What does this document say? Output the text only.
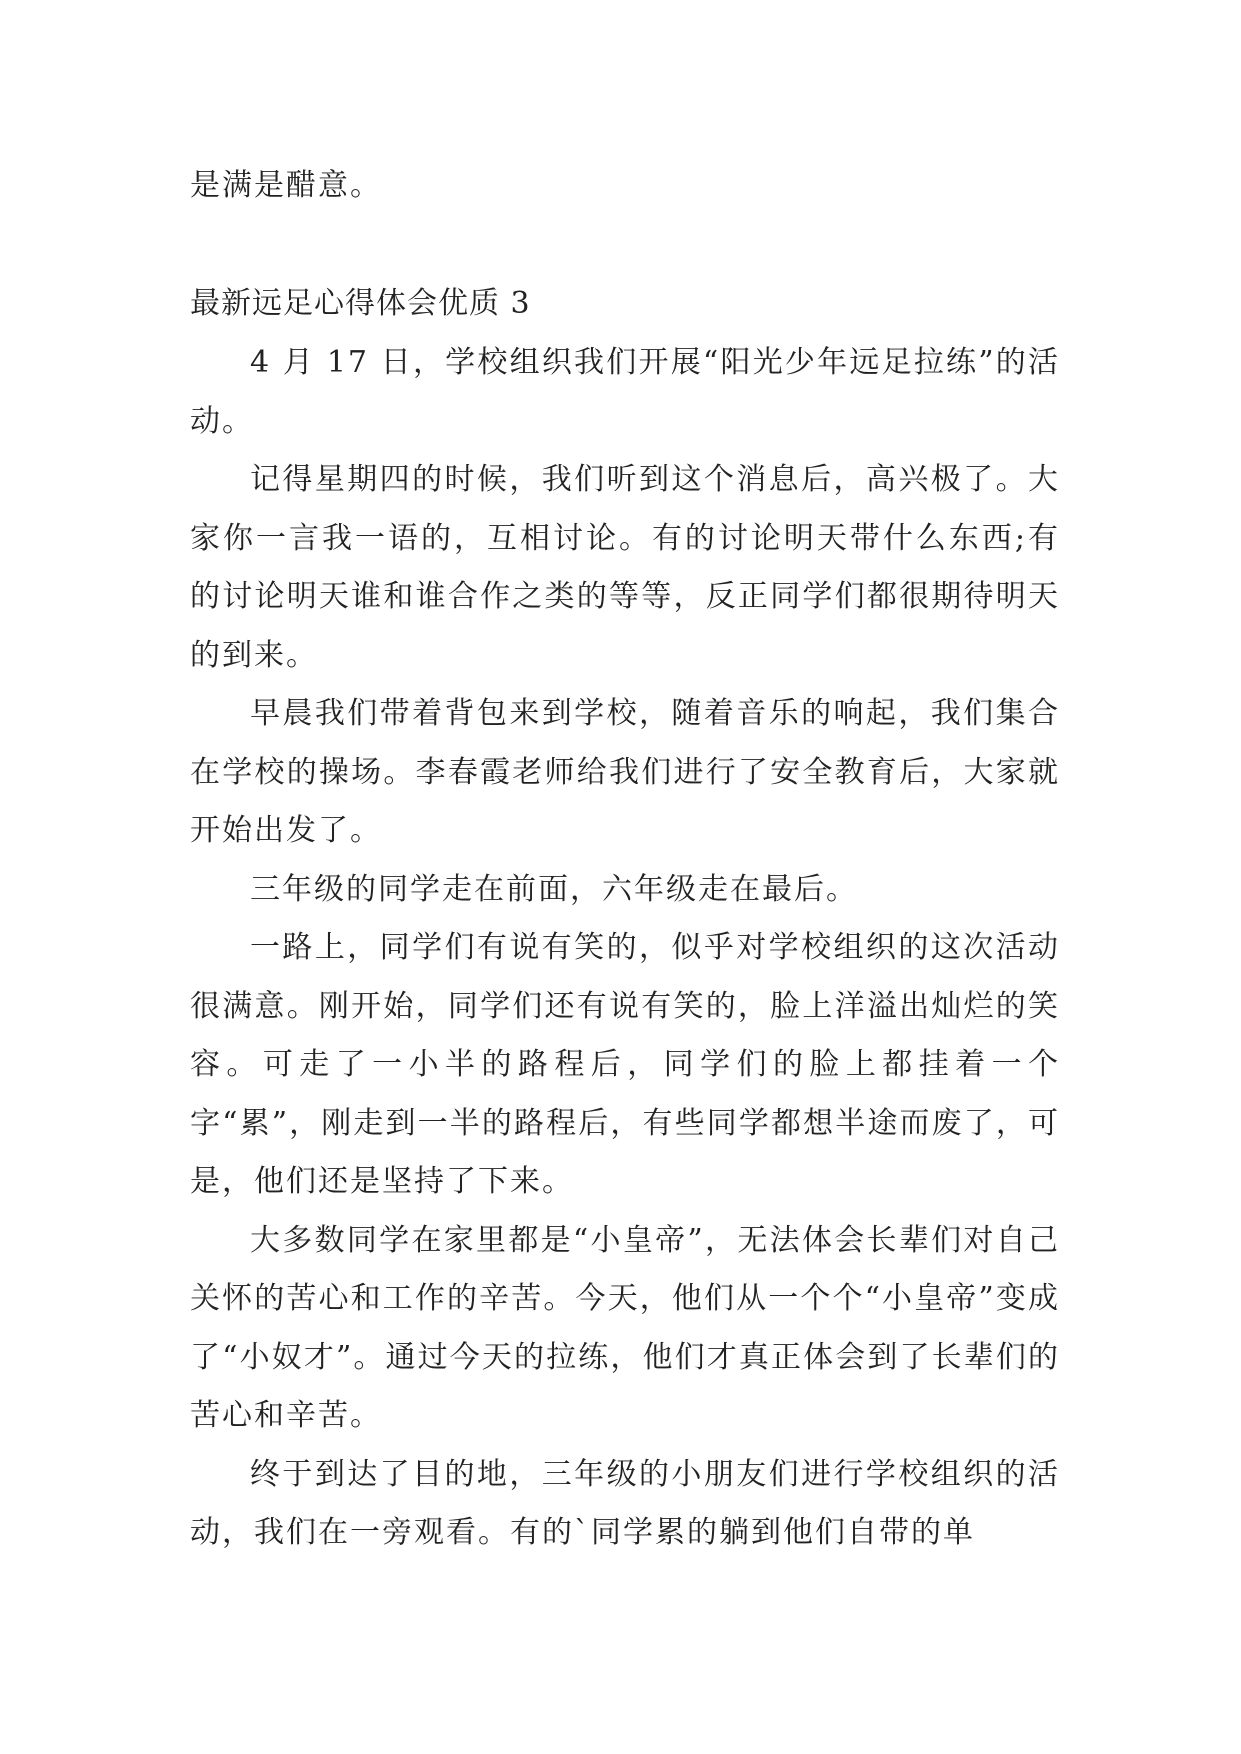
是满是醋意。
最新远足心得体会优质 3

4 月 17 日，学校组织我们开展“阳光少年远足拉练”的活动。

记得星期四的时候，我们听到这个消息后，高兴极了。大家你一言我一语的，互相讨论。有的讨论明天带什么东西;有的讨论明天谁和谁合作之类的等等，反正同学们都很期待明天的到来。

早晨我们带着背包来到学校，随着音乐的响起，我们集合在学校的操场。李春霞老师给我们进行了安全教育后，大家就开始出发了。

三年级的同学走在前面，六年级走在最后。

一路上，同学们有说有笑的，似乎对学校组织的这次活动很满意。刚开始，同学们还有说有笑的，脸上洋溢出灿烂的笑容。可走了一小半的路程后，同学们的脸上都挂着一个字“累”，刚走到一半的路程后，有些同学都想半途而废了，可是，他们还是坚持了下来。

大多数同学在家里都是“小皇帝”，无法体会长辈们对自己关怀的苦心和工作的辛苦。今天，他们从一个个“小皇帝”变成了“小奴才”。通过今天的拉练，他们才真正体会到了长辈们的苦心和辛苦。

终于到达了目的地，三年级的小朋友们进行学校组织的活动，我们在一旁观看。有的`同学累的躺到他们自带的单
